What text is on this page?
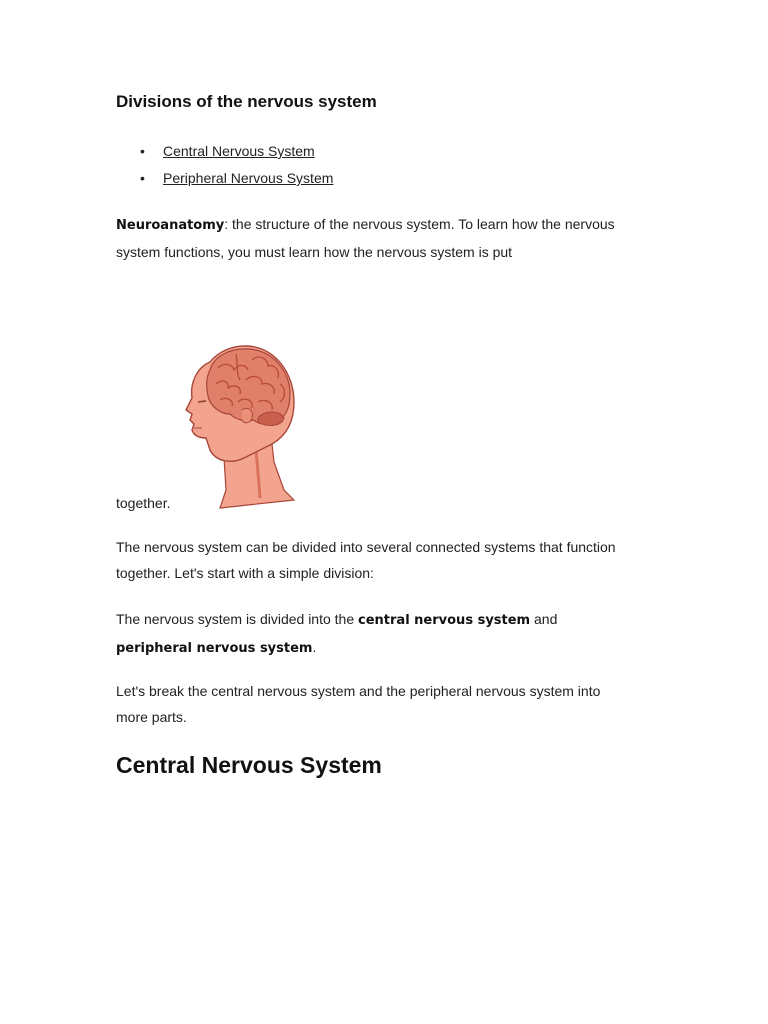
Divisions of the nervous system
• Central Nervous System
• Peripheral Nervous System

Neuroanatomy: the structure of the nervous system. To learn how the nervous system functions, you must learn how the nervous system is put

together.

The nervous system can be divided into several connected systems that function together. Let's start with a simple division:

The nervous system is divided into the central nervous system and
peripheral nervous system.

Let's break the central nervous system and the peripheral nervous system into more parts.

Central Nervous System
